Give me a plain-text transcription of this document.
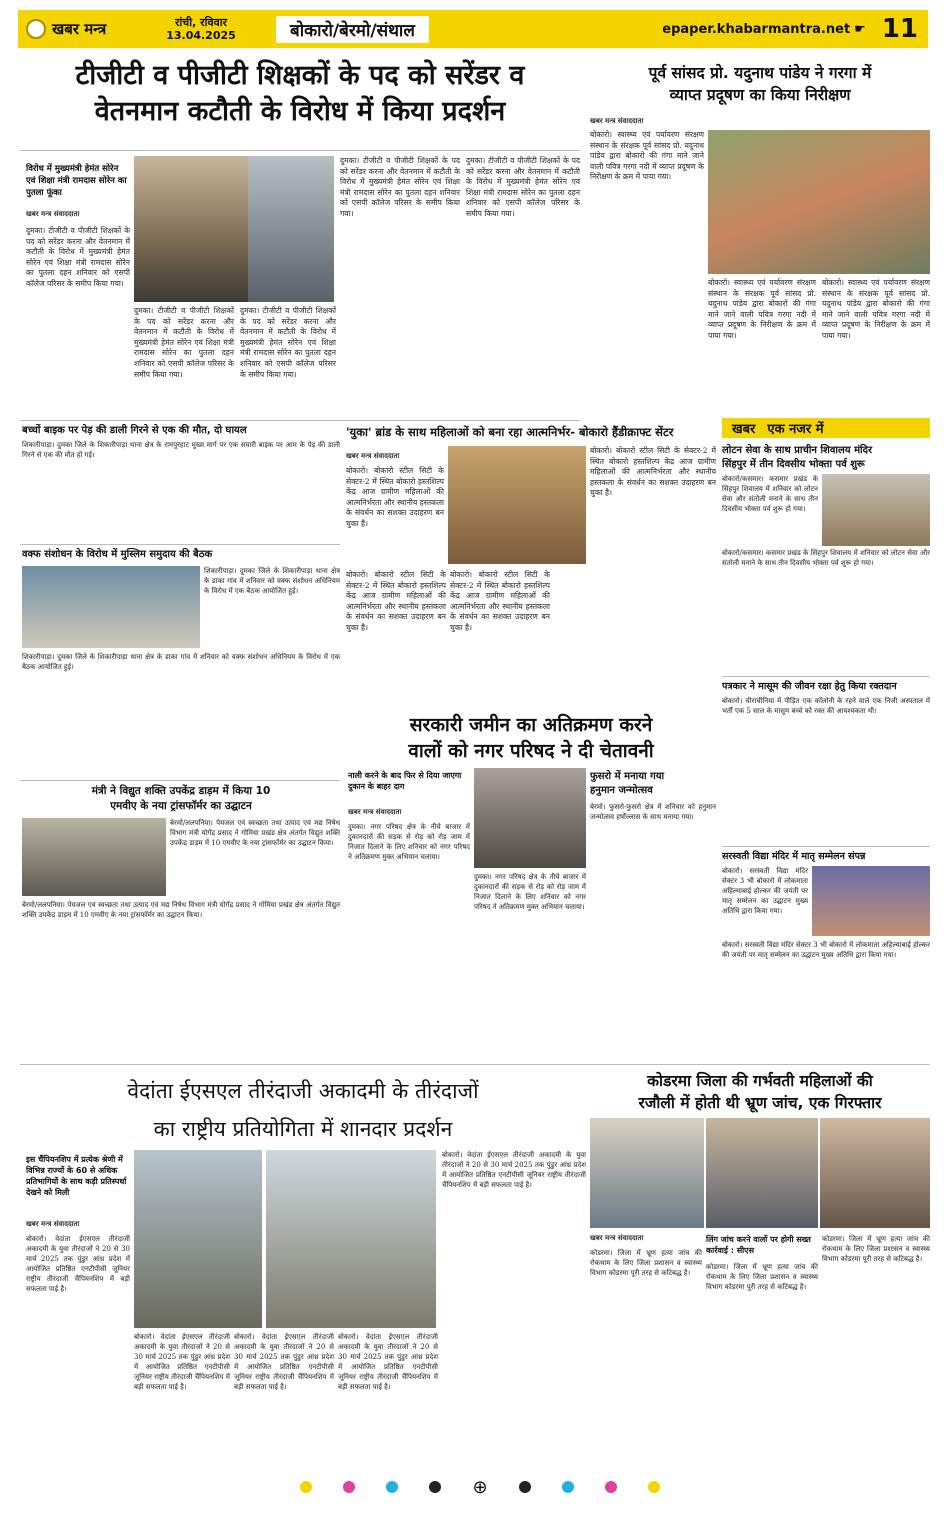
खबर मन्त्र	रांची, रविवार
13.04.2025	बोकारो/बेरमो/संथाल	epaper.khabarmantra.net ☛ 11
टीजीटी व पीजीटी शिक्षकों के पद को सरेंडर व
वेतनमान कटौती के विरोध में किया प्रदर्शन
विरोध में मुख्यमंत्री हेमंत सोरेन एवं शिक्षा मंत्री रामदास सोरेन का पुतला फूंका
खबर मन्त्र संवाददाता
दुमका। टीजीटी व पीजीटी शिक्षकों के पद को सरेंडर करना और वेतनमान में कटौती के विरोध में मुख्यमंत्री हेमंत सोरेन एवं शिक्षा मंत्री रामदास सोरेन का पुतला दहन शनिवार को एसपी कॉलेज परिसर के समीप किया गया।
दुमका। टीजीटी व पीजीटी शिक्षकों के पद को सरेंडर करना और वेतनमान में कटौती के विरोध में मुख्यमंत्री हेमंत सोरेन एवं शिक्षा मंत्री रामदास सोरेन का पुतला दहन शनिवार को एसपी कॉलेज परिसर के समीप किया गया।
दुमका। टीजीटी व पीजीटी शिक्षकों के पद को सरेंडर करना और वेतनमान में कटौती के विरोध में मुख्यमंत्री हेमंत सोरेन एवं शिक्षा मंत्री रामदास सोरेन का पुतला दहन शनिवार को एसपी कॉलेज परिसर के समीप किया गया।
दुमका। टीजीटी व पीजीटी शिक्षकों के पद को सरेंडर करना और वेतनमान में कटौती के विरोध में मुख्यमंत्री हेमंत सोरेन एवं शिक्षा मंत्री रामदास सोरेन का पुतला दहन शनिवार को एसपी कॉलेज परिसर के समीप किया गया।
दुमका। टीजीटी व पीजीटी शिक्षकों के पद को सरेंडर करना और वेतनमान में कटौती के विरोध में मुख्यमंत्री हेमंत सोरेन एवं शिक्षा मंत्री रामदास सोरेन का पुतला दहन शनिवार को एसपी कॉलेज परिसर के समीप किया गया।
पूर्व सांसद प्रो. यदुनाथ पांडेय ने गरगा में
व्याप्त प्रदूषण का किया निरीक्षण
खबर मन्त्र संवाददाता
बोकारो। स्वास्थ्य एवं पर्यावरण संरक्षण संस्थान के संरक्षक पूर्व सांसद प्रो. यदुनाथ पांडेय द्वारा बोकारो की गंगा माने जाने वाली पवित्र गरगा नदी में व्याप्त प्रदूषण के निरीक्षण के क्रम में पाया गया।
बोकारो। स्वास्थ्य एवं पर्यावरण संरक्षण संस्थान के संरक्षक पूर्व सांसद प्रो. यदुनाथ पांडेय द्वारा बोकारो की गंगा माने जाने वाली पवित्र गरगा नदी में व्याप्त प्रदूषण के निरीक्षण के क्रम में पाया गया।
बोकारो। स्वास्थ्य एवं पर्यावरण संरक्षण संस्थान के संरक्षक पूर्व सांसद प्रो. यदुनाथ पांडेय द्वारा बोकारो की गंगा माने जाने वाली पवित्र गरगा नदी में व्याप्त प्रदूषण के निरीक्षण के क्रम में पाया गया।
बच्चों बाइक पर पेड़ की डाली गिरने से एक की मौत, दो घायल
शिकारीपाड़ा। दुमका जिले के शिकारीपाड़ा थाना क्षेत्र के रामपुरहाट मुख्य मार्ग पर एक सवारी बाइक पर आम के पेड़ की डाली गिरने से एक की मौत हो गई।
वक्फ संशोधन के विरोध में मुस्लिम समुदाय की बैठक
शिकारीपाड़ा। दुमका जिले के शिकारीपाड़ा थाना क्षेत्र के डाका गांव में शनिवार को वक्फ संशोधन अधिनियम के विरोध में एक बैठक आयोजित हुई।
शिकारीपाड़ा। दुमका जिले के शिकारीपाड़ा थाना क्षेत्र के डाका गांव में शनिवार को वक्फ संशोधन अधिनियम के विरोध में एक बैठक आयोजित हुई।
मंत्री ने विद्युत शक्ति उपकेंद्र डाड़म में किया 10
एमवीए के नया ट्रांसफॉर्मर का उद्घाटन
बेरमो/ललपनिया। पेयजल एवं स्वच्छता तथा उत्पाद एवं मद्य निषेध विभाग मंत्री योगेंद्र प्रसाद ने गोमिया प्रखंड क्षेत्र अंतर्गत विद्युत शक्ति उपकेंद्र डाड़म में 10 एमवीए के नया ट्रांसफॉर्मर का उद्घाटन किया।
बेरमो/ललपनिया। पेयजल एवं स्वच्छता तथा उत्पाद एवं मद्य निषेध विभाग मंत्री योगेंद्र प्रसाद ने गोमिया प्रखंड क्षेत्र अंतर्गत विद्युत शक्ति उपकेंद्र डाड़म में 10 एमवीए के नया ट्रांसफॉर्मर का उद्घाटन किया।
'युका' ब्रांड के साथ महिलाओं को बना रहा आत्मनिर्भर- बोकारो हैंडीक्राफ्ट सेंटर
खबर मन्त्र संवाददाता
बोकारो। बोकारो स्टील सिटी के सेक्टर-2 में स्थित बोकारो हस्तशिल्प केंद्र आज ग्रामीण महिलाओं की आत्मनिर्भरता और स्थानीय हस्तकला के संवर्धन का सशक्त उदाहरण बन चुका है।
बोकारो। बोकारो स्टील सिटी के सेक्टर-2 में स्थित बोकारो हस्तशिल्प केंद्र आज ग्रामीण महिलाओं की आत्मनिर्भरता और स्थानीय हस्तकला के संवर्धन का सशक्त उदाहरण बन चुका है।
बोकारो। बोकारो स्टील सिटी के सेक्टर-2 में स्थित बोकारो हस्तशिल्प केंद्र आज ग्रामीण महिलाओं की आत्मनिर्भरता और स्थानीय हस्तकला के संवर्धन का सशक्त उदाहरण बन चुका है।
बोकारो। बोकारो स्टील सिटी के सेक्टर-2 में स्थित बोकारो हस्तशिल्प केंद्र आज ग्रामीण महिलाओं की आत्मनिर्भरता और स्थानीय हस्तकला के संवर्धन का सशक्त उदाहरण बन चुका है।
खबर एक नजर में
लोटन सेवा के साथ प्राचीन शिवालय मंदिर
सिंहपुर में तीन दिवसीय भोक्ता पर्व शुरू
बोकारो/कसमार। कसमार प्रखंड के सिंहपुर शिवालय में शनिवार को लोटन सेवा और संतोली मनाने के साथ तीन दिवसीय भोक्ता पर्व शुरू हो गया।
बोकारो/कसमार। कसमार प्रखंड के सिंहपुर शिवालय में शनिवार को लोटन सेवा और संतोली मनाने के साथ तीन दिवसीय भोक्ता पर्व शुरू हो गया।
पत्रकार ने मासूम की जीवन रक्षा हेतु किया रक्तदान
बोकारो। चीराचीनिया में पीड़ित एक कॉलोनी के रहने वाले एक निजी अस्पताल में भर्ती एक 5 साल के मासूम बच्चे को रक्त की आवश्यकता थी।
सरस्वती विद्या मंदिर में मातृ सम्मेलन संपन्न
बोकारो। सरस्वती विद्या मंदिर सेक्टर 3 भी बोकारो में लोकमाता अहिल्याबाई होल्कर की जयंती पर मातृ सम्मेलन का उद्घाटन मुख्य अतिथि द्वारा किया गया।
बोकारो। सरस्वती विद्या मंदिर सेक्टर 3 भी बोकारो में लोकमाता अहिल्याबाई होल्कर की जयंती पर मातृ सम्मेलन का उद्घाटन मुख्य अतिथि द्वारा किया गया।
सरकारी जमीन का अतिक्रमण करने
वालों को नगर परिषद ने दी चेतावनी
नाली करने के बाद फिर से दिया जाएगा दुकान के बाहर दाग
खबर मन्त्र संवाददाता
दुमका। नगर परिषद क्षेत्र के नीचे बाजार में दुकानदारों की सड़क से रोड़ को रोड़ जाम में निजात दिलाने के लिए शनिवार को नगर परिषद ने अतिक्रमण मुक्त अभियान चलाया।
दुमका। नगर परिषद क्षेत्र के नीचे बाजार में दुकानदारों की सड़क से रोड़ को रोड़ जाम में निजात दिलाने के लिए शनिवार को नगर परिषद ने अतिक्रमण मुक्त अभियान चलाया।
फुसरो में मनाया गया
हनुमान जन्मोत्सव
बेरमो। फुसरो-फुसरो क्षेत्र में शनिवार को हनुमान जन्मोत्सव हर्षोल्लास के साथ मनाया गया।
वेदांता ईएसएल तीरंदाजी अकादमी के तीरंदाजों
का राष्ट्रीय प्रतियोगिता में शानदार प्रदर्शन
इस चैंपियनशिप में प्रत्येक श्रेणी में विभिन्न राज्यों के 60 से अधिक प्रतिभागियों के साथ कड़ी प्रतिस्पर्धा देखने को मिली
खबर मन्त्र संवाददाता
बोकारो। वेदांता ईएसएल तीरंदाजी अकादमी के युवा तीरंदाजों ने 20 से 30 मार्च 2025 तक पुंडुर आंध्र प्रदेश में आयोजित प्रतिष्ठित एनटीपीसी जूनियर राष्ट्रीय तीरंदाजी चैंपियनशिप में बड़ी सफलता पाई है।
बोकारो। वेदांता ईएसएल तीरंदाजी अकादमी के युवा तीरंदाजों ने 20 से 30 मार्च 2025 तक पुंडुर आंध्र प्रदेश में आयोजित प्रतिष्ठित एनटीपीसी जूनियर राष्ट्रीय तीरंदाजी चैंपियनशिप में बड़ी सफलता पाई है।
बोकारो। वेदांता ईएसएल तीरंदाजी अकादमी के युवा तीरंदाजों ने 20 से 30 मार्च 2025 तक पुंडुर आंध्र प्रदेश में आयोजित प्रतिष्ठित एनटीपीसी जूनियर राष्ट्रीय तीरंदाजी चैंपियनशिप में बड़ी सफलता पाई है।
बोकारो। वेदांता ईएसएल तीरंदाजी अकादमी के युवा तीरंदाजों ने 20 से 30 मार्च 2025 तक पुंडुर आंध्र प्रदेश में आयोजित प्रतिष्ठित एनटीपीसी जूनियर राष्ट्रीय तीरंदाजी चैंपियनशिप में बड़ी सफलता पाई है।
बोकारो। वेदांता ईएसएल तीरंदाजी अकादमी के युवा तीरंदाजों ने 20 से 30 मार्च 2025 तक पुंडुर आंध्र प्रदेश में आयोजित प्रतिष्ठित एनटीपीसी जूनियर राष्ट्रीय तीरंदाजी चैंपियनशिप में बड़ी सफलता पाई है।
कोडरमा जिला की गर्भवती महिलाओं की
रजौली में होती थी भ्रूण जांच, एक गिरफ्तार
खबर मन्त्र संवाददाता
कोडरमा। जिला में भ्रूण हत्या जांच की रोकथाम के लिए जिला प्रशासन व स्वास्थ्य विभाग कोडरमा पूरी तरह से कटिबद्ध है।
लिंग जांच करने वालों पर होगी सख्त कार्रवाई : सीएस
कोडरमा। जिला में भ्रूण हत्या जांच की रोकथाम के लिए जिला प्रशासन व स्वास्थ्य विभाग कोडरमा पूरी तरह से कटिबद्ध है।
कोडरमा। जिला में भ्रूण हत्या जांच की रोकथाम के लिए जिला प्रशासन व स्वास्थ्य विभाग कोडरमा पूरी तरह से कटिबद्ध है।
⊕
